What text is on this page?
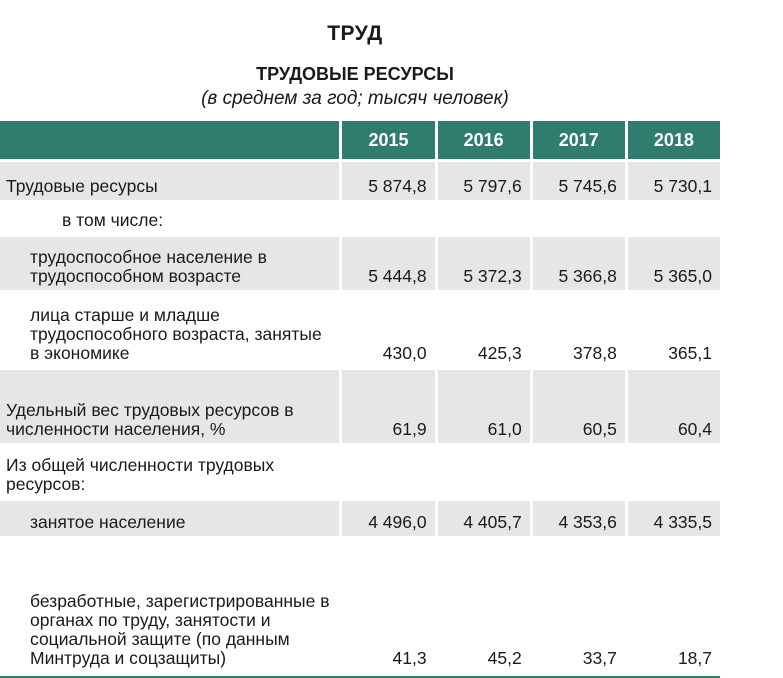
ТРУД
ТРУДОВЫЕ РЕСУРСЫ
(в среднем за год; тысяч человек)
	2015	2016	2017	2018
Трудовые ресурсы	5 874,8	5 797,6	5 745,6	5 730,1
в том числе:				
трудоспособное население в трудоспособном возрасте	5 444,8	5 372,3	5 366,8	5 365,0
лица старше и младше трудоспособного возраста, занятые в экономике	430,0	425,3	378,8	365,1
Удельный вес трудовых ресурсов в численности населения, %	61,9	61,0	60,5	60,4
Из общей численности трудовых ресурсов:				
занятое население	4 496,0	4 405,7	4 353,6	4 335,5
безработные, зарегистрированные в органах по труду, занятости и социальной защите (по данным Минтруда и соцзащиты)	41,3	45,2	33,7	18,7
